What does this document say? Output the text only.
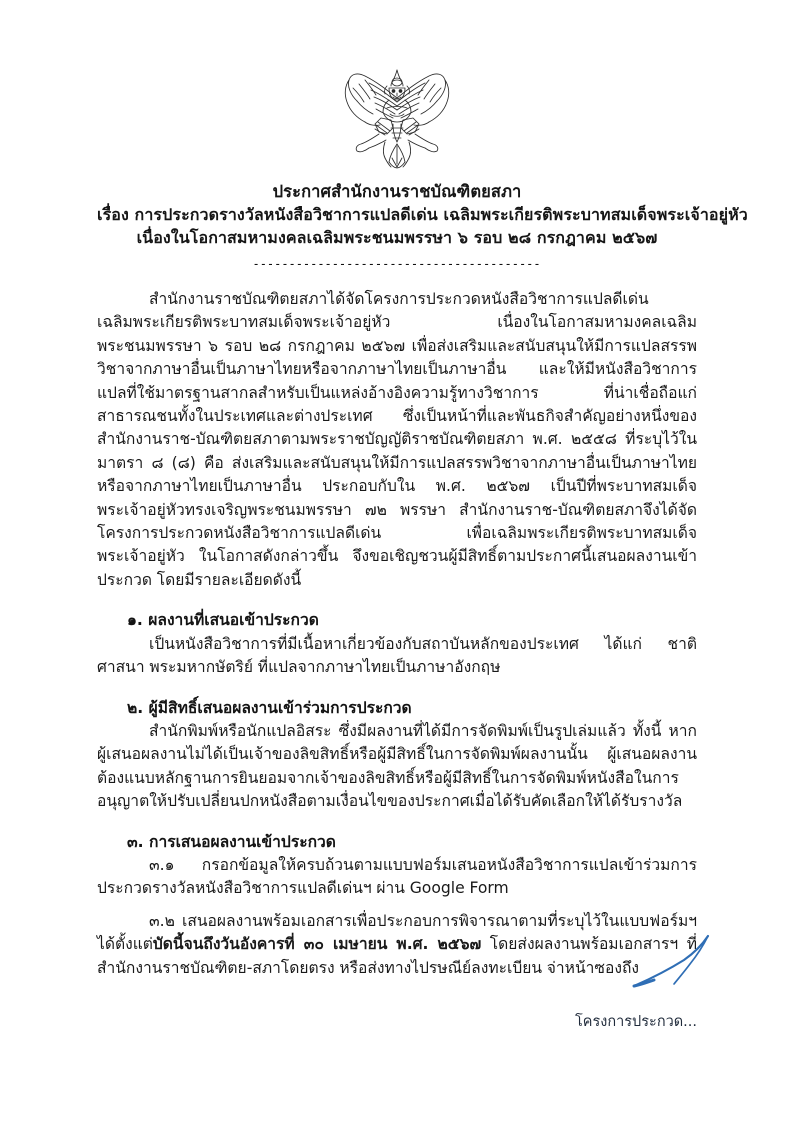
ประกาศสำนักงานราชบัณฑิตยสภา
เรื่อง การประกวดรางวัลหนังสือวิชาการแปลดีเด่น เฉลิมพระเกียรติพระบาทสมเด็จพระเจ้าอยู่หัว
เนื่องในโอกาสมหามงคลเฉลิมพระชนมพรรษา ๖ รอบ ๒๘ กรกฎาคม ๒๕๖๗
----------------------------------------

สำนักงานราชบัณฑิตยสภาได้จัดโครงการประกวดหนังสือวิชาการแปลดีเด่น เฉลิมพระเกียรติพระบาทสมเด็จพระเจ้าอยู่หัว เนื่องในโอกาสมหามงคลเฉลิมพระชนมพรรษา ๖ รอบ ๒๘ กรกฎาคม ๒๕๖๗ เพื่อส่งเสริมและสนับสนุนให้มีการแปลสรรพวิชาจากภาษาอื่นเป็นภาษาไทยหรือจากภาษาไทยเป็นภาษาอื่น และให้มีหนังสือวิชาการแปลที่ใช้มาตรฐานสากลสำหรับเป็นแหล่งอ้างอิงความรู้ทางวิชาการ ที่น่าเชื่อถือแก่สาธารณชนทั้งในประเทศและต่างประเทศ ซึ่งเป็นหน้าที่และพันธกิจสำคัญอย่างหนึ่งของสำนักงานราช-บัณฑิตยสภาตามพระราชบัญญัติราชบัณฑิตยสภา พ.ศ. ๒๕๕๘ ที่ระบุไว้ในมาตรา ๘ (๘) คือ ส่งเสริมและสนับสนุนให้มีการแปลสรรพวิชาจากภาษาอื่นเป็นภาษาไทยหรือจากภาษาไทยเป็นภาษาอื่น ประกอบกับใน พ.ศ. ๒๕๖๗ เป็นปีที่พระบาทสมเด็จพระเจ้าอยู่หัวทรงเจริญพระชนมพรรษา ๗๒ พรรษา สำนักงานราช-บัณฑิตยสภาจึงได้จัดโครงการประกวดหนังสือวิชาการแปลดีเด่น เพื่อเฉลิมพระเกียรติพระบาทสมเด็จพระเจ้าอยู่หัว ในโอกาสดังกล่าวขึ้น จึงขอเชิญชวนผู้มีสิทธิ์ตามประกาศนี้เสนอผลงานเข้าประกวด โดยมีรายละเอียดดังนี้

๑. ผลงานที่เสนอเข้าประกวด

เป็นหนังสือวิชาการที่มีเนื้อหาเกี่ยวข้องกับสถาบันหลักของประเทศ ได้แก่ ชาติ ศาสนา พระมหากษัตริย์ ที่แปลจากภาษาไทยเป็นภาษาอังกฤษ

๒. ผู้มีสิทธิ์เสนอผลงานเข้าร่วมการประกวด

สำนักพิมพ์หรือนักแปลอิสระ ซึ่งมีผลงานที่ได้มีการจัดพิมพ์เป็นรูปเล่มแล้ว ทั้งนี้ หากผู้เสนอผลงานไม่ได้เป็นเจ้าของลิขสิทธิ์หรือผู้มีสิทธิ์ในการจัดพิมพ์ผลงานนั้น ผู้เสนอผลงานต้องแนบหลักฐานการยินยอมจากเจ้าของลิขสิทธิ์หรือผู้มีสิทธิ์ในการจัดพิมพ์หนังสือในการอนุญาตให้ปรับเปลี่ยนปกหนังสือตามเงื่อนไขของประกาศเมื่อได้รับคัดเลือกให้ได้รับรางวัล

๓. การเสนอผลงานเข้าประกวด

๓.๑ กรอกข้อมูลให้ครบถ้วนตามแบบฟอร์มเสนอหนังสือวิชาการแปลเข้าร่วมการประกวดรางวัลหนังสือวิชาการแปลดีเด่นฯ ผ่าน Google Form

๓.๒ เสนอผลงานพร้อมเอกสารเพื่อประกอบการพิจารณาตามที่ระบุไว้ในแบบฟอร์มฯ ได้ตั้งแต่บัดนี้จนถึงวันอังคารที่ ๓๐ เมษายน พ.ศ. ๒๕๖๗ โดยส่งผลงานพร้อมเอกสารฯ ที่สำนักงานราชบัณฑิตย-สภาโดยตรง หรือส่งทางไปรษณีย์ลงทะเบียน จ่าหน้าซองถึง

โครงการประกวด...
